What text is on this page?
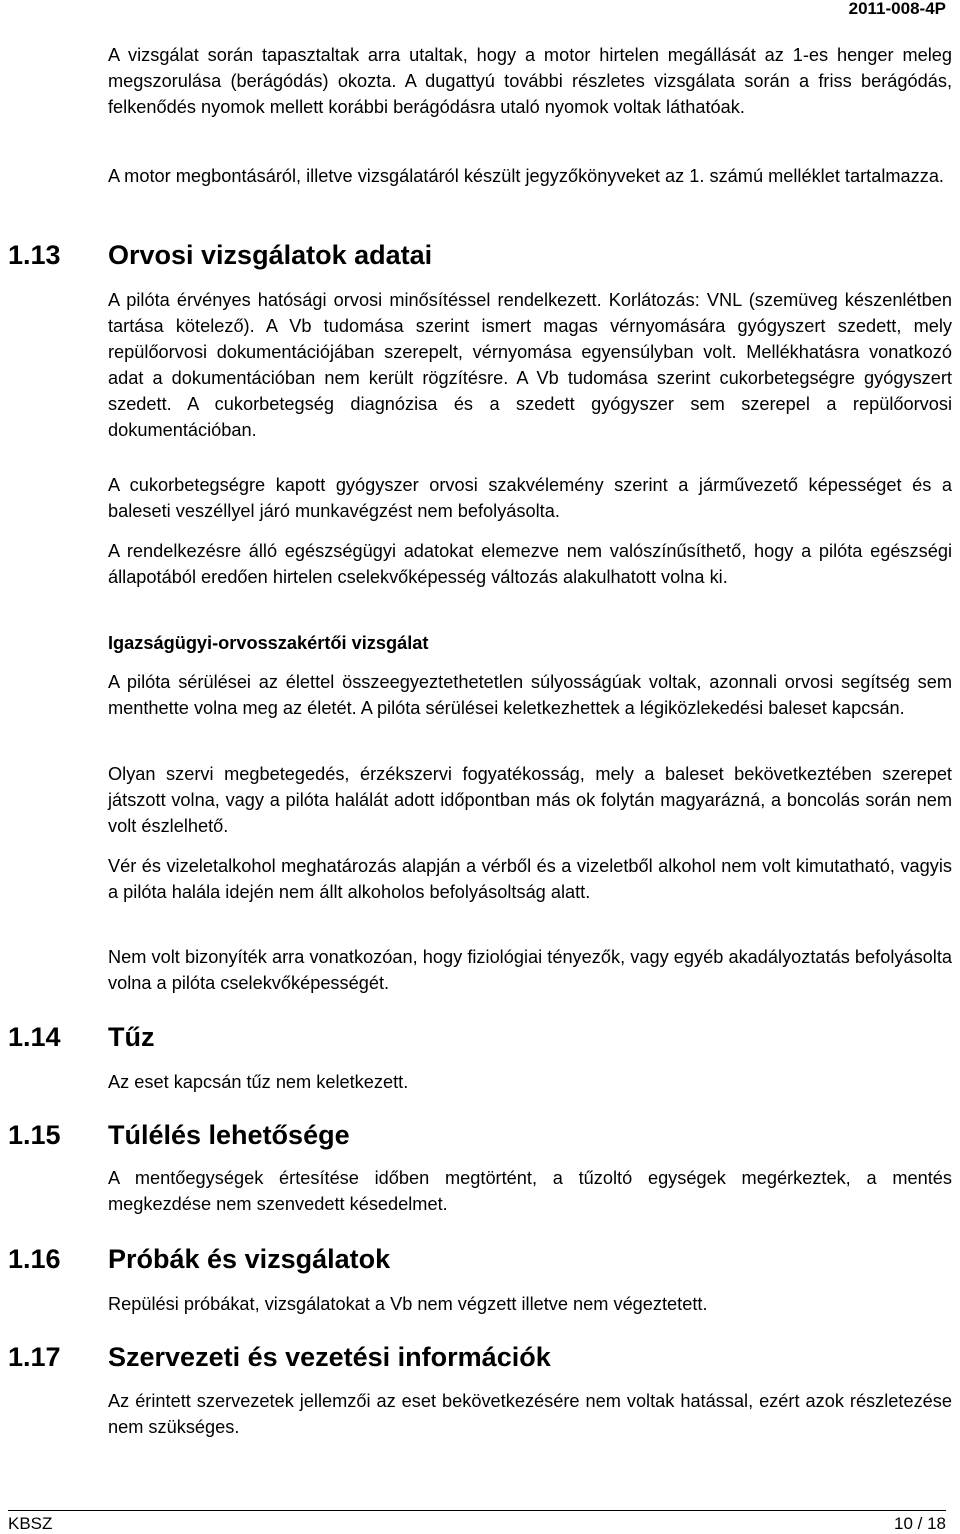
2011-008-4P

A vizsgálat során tapasztaltak arra utaltak, hogy a motor hirtelen megállását az 1-es henger meleg megszorulása (berágódás) okozta. A dugattyú további részletes vizsgálata során a friss berágódás, felkenődés nyomok mellett korábbi berágódásra utaló nyomok voltak láthatóak.

A motor megbontásáról, illetve vizsgálatáról készült jegyzőkönyveket az 1. számú melléklet tartalmazza.

1.13 Orvosi vizsgálatok adatai

A pilóta érvényes hatósági orvosi minősítéssel rendelkezett. Korlátozás: VNL (szemüveg készenlétben tartása kötelező). A Vb tudomása szerint ismert magas vérnyomására gyógyszert szedett, mely repülőorvosi dokumentációjában szerepelt, vérnyomása egyensúlyban volt. Mellékhatásra vonatkozó adat a dokumentációban nem került rögzítésre. A Vb tudomása szerint cukorbetegségre gyógyszert szedett. A cukorbetegség diagnózisa és a szedett gyógyszer sem szerepel a repülőorvosi dokumentációban.

A cukorbetegségre kapott gyógyszer orvosi szakvélemény szerint a járművezető képességet és a baleseti veszéllyel járó munkavégzést nem befolyásolta.

A rendelkezésre álló egészségügyi adatokat elemezve nem valószínűsíthető, hogy a pilóta egészségi állapotából eredően hirtelen cselekvőképesség változás alakulhatott volna ki.

Igazságügyi-orvosszakértői vizsgálat

A pilóta sérülései az élettel összeegyeztethetetlen súlyosságúak voltak, azonnali orvosi segítség sem menthette volna meg az életét. A pilóta sérülései keletkezhettek a légiközlekedési baleset kapcsán.

Olyan szervi megbetegedés, érzékszervi fogyatékosság, mely a baleset bekövetkeztében szerepet játszott volna, vagy a pilóta halálát adott időpontban más ok folytán magyarázná, a boncolás során nem volt észlelhető.

Vér és vizeletalkohol meghatározás alapján a vérből és a vizeletből alkohol nem volt kimutatható, vagyis a pilóta halála idején nem állt alkoholos befolyásoltság alatt.

Nem volt bizonyíték arra vonatkozóan, hogy fiziológiai tényezők, vagy egyéb akadályoztatás befolyásolta volna a pilóta cselekvőképességét.

1.14 Tűz

Az eset kapcsán tűz nem keletkezett.

1.15 Túlélés lehetősége

A mentőegységek értesítése időben megtörtént, a tűzoltó egységek megérkeztek, a mentés megkezdése nem szenvedett késedelmet.

1.16 Próbák és vizsgálatok

Repülési próbákat, vizsgálatokat a Vb nem végzett illetve nem végeztetett.

1.17 Szervezeti és vezetési információk

Az érintett szervezetek jellemzői az eset bekövetkezésére nem voltak hatással, ezért azok részletezése nem szükséges.

KBSZ	10 / 18
